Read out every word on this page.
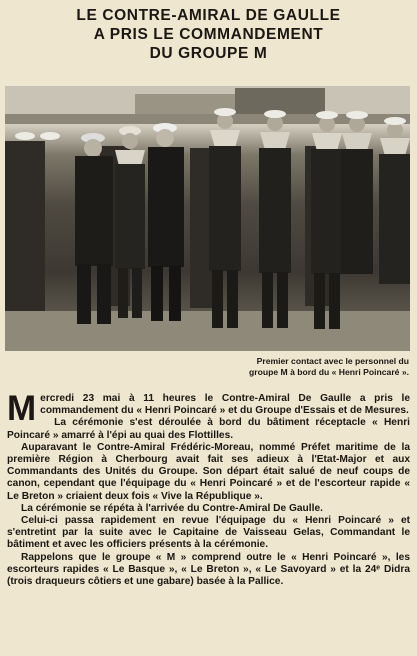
LE CONTRE-AMIRAL DE GAULLE
A PRIS LE COMMANDEMENT
DU GROUPE M
Premier contact avec le personnel du
groupe M à bord du « Henri Poincaré ».
M ercredi 23 mai à 11 heures le Contre-Amiral De Gaulle a pris le commandement du « Henri Poincaré » et du Groupe d'Essais et de Mesures.

La cérémonie s'est déroulée à bord du bâtiment réceptacle « Henri Poincaré » amarré à l'épi au quai des Flottilles.

Auparavant le Contre-Amiral Frédéric-Moreau, nommé Préfet maritime de la première Région à Cherbourg avait fait ses adieux à l'Etat-Major et aux Commandants des Unités du Groupe. Son départ était salué de neuf coups de canon, cependant que l'équipage du « Henri Poincaré » et de l'escorteur rapide « Le Breton » criaient deux fois « Vive la République ».

La cérémonie se répéta à l'arrivée du Contre-Amiral De Gaulle.

Celui-ci passa rapidement en revue l'équipage du « Henri Poincaré » et s'entretint par la suite avec le Capitaine de Vaisseau Gelas, Commandant le bâtiment et avec les officiers présents à la cérémonie.

Rappelons que le groupe « M » comprend outre le « Henri Poincaré », les escorteurs rapides « Le Basque », « Le Breton », « Le Savoyard » et la 24ᵉ Didra (trois draqueurs côtiers et une gabare) basée à la Pallice.
